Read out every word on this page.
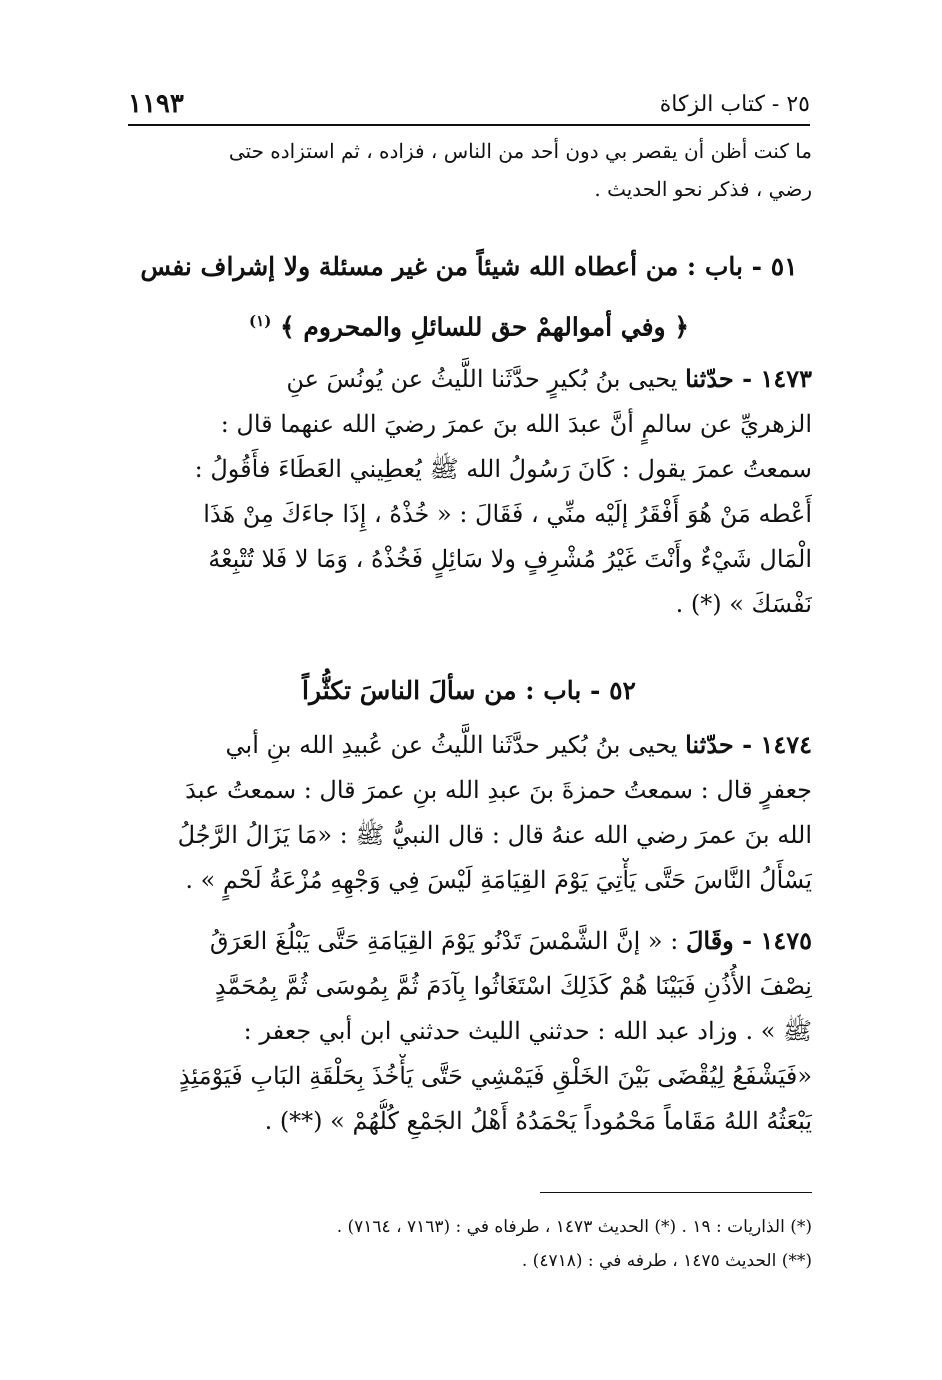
٢٥ - كتاب الزكاة
١١٩٣
ما كنت أظن أن يقصر بي دون أحد من الناس ، فزاده ، ثم استزاده حتى
رضي ، فذكر نحو الحديث .
٥١ - باب : من أعطاه الله شيئاً من غير مسئلة ولا إشراف نفس
﴿ وفي أموالهمْ حق للسائلِ والمحروم ﴾ $^{(١)}$
١٤٧٣ - حدّثنا يحيى بنُ بُكيرٍ حدَّثَنا اللَّيثُ عن يُونُسَ عنِ
الزهريِّ عن سالمٍ أنَّ عبدَ الله بنَ عمرَ رضيَ الله عنهما قال :
سمعتُ عمرَ يقول : كَانَ رَسُولُ الله ﷺ يُعطِيني العَطَاءَ فأَقُولُ :
أَعْطه مَنْ هُوَ أَفْقَرُ إلَيْه منِّي ، فَقَالَ : « خُذْهُ ، إِذَا جاءَكَ مِنْ هَذَا
الْمَال شَيْءٌ وأَنْتَ غَيْرُ مُشْرِفٍ ولا سَائِلٍ فَخُذْهُ ، وَمَا لا فَلا تُتْبِعْهُ
نَفْسَكَ » (*) .
٥٢ - باب : من سألَ الناسَ تكثُّراً
١٤٧٤ - حدّثنا يحيى بنُ بُكير حدَّثَنا اللَّيثُ عن عُبيدِ الله بنِ أبي
جعفرٍ قال : سمعتُ حمزةَ بنَ عبدِ الله بنِ عمرَ قال : سمعتُ عبدَ
الله بنَ عمرَ رضي الله عنهُ قال : قال النبيُّ ﷺ : «مَا يَزَالُ الرَّجُلُ
يَسْأَلُ النَّاسَ حَتَّى يَأْتِيَ يَوْمَ القِيَامَةِ لَيْسَ فِي وَجْهِهِ مُزْعَةُ لَحْمٍ » .
١٤٧٥ - وقَالَ : « إنَّ الشَّمْسَ تَدْنُو يَوْمَ القِيَامَةِ حَتَّى يَبْلُغَ العَرَقُ
نِصْفَ الأُذُنِ فَبَيْنَا هُمْ كَذَلِكَ اسْتَغَاثُوا بِآدَمَ ثُمَّ بِمُوسَى ثُمَّ بِمُحَمَّدٍ
ﷺ » . وزاد عبد الله : حدثني الليث حدثني ابن أبي جعفر :
«فَيَشْفَعُ لِيُقْضَى بَيْنَ الخَلْقِ فَيَمْشِي حَتَّى يَأْخُذَ بِحَلْقَةِ البَابِ فَيَوْمَئِذٍ
يَبْعَثُهُ اللهُ مَقَاماً مَحْمُوداً يَحْمَدُهُ أَهْلُ الجَمْعِ كُلُّهُمْ » (**) .
(*) الذاريات : ١٩ . (*) الحديث ١٤٧٣ ، طرفاه في : (٧١٦٣ ، ٧١٦٤) .
(**) الحديث ١٤٧٥ ، طرفه في : (٤٧١٨) .
